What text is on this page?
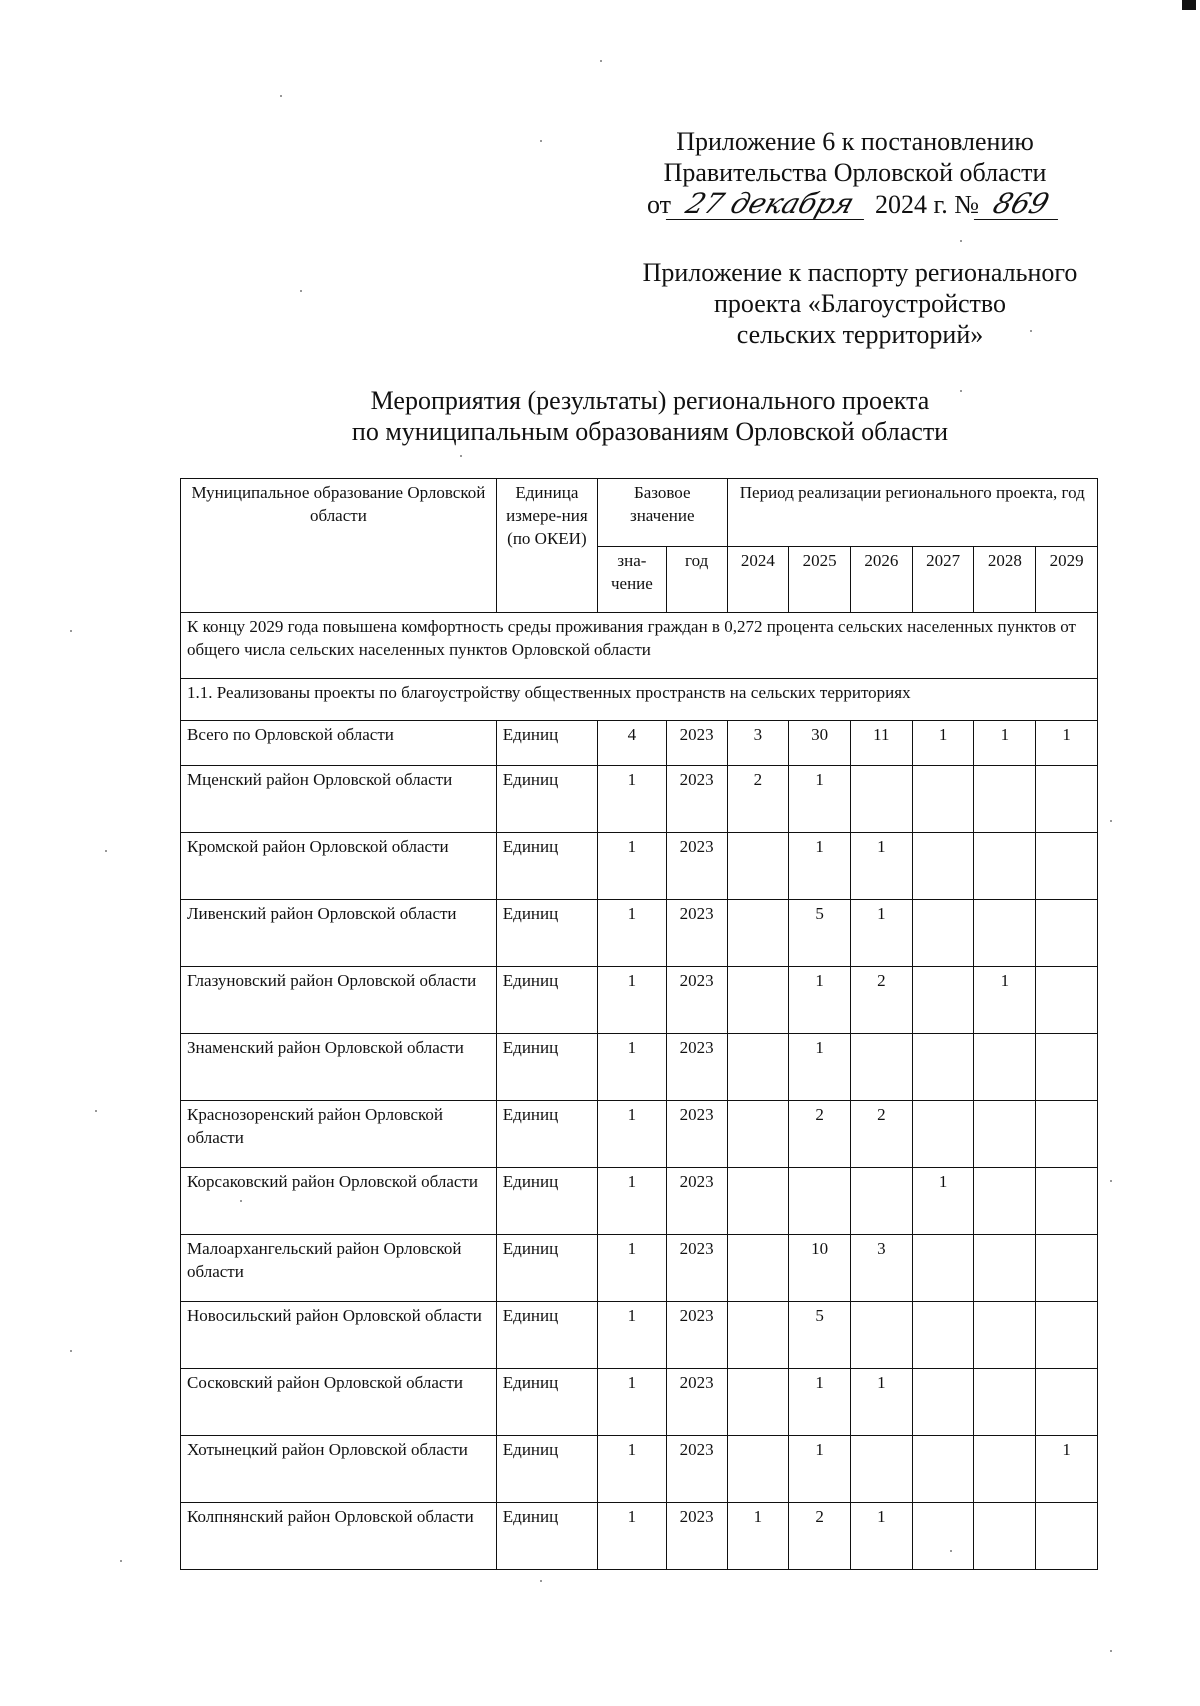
Приложение 6 к постановлению
Правительства Орловской области
от 27 декабря 2024 г. № 869
Приложение к паспорту регионального
проекта «Благоустройство
сельских территорий»
Мероприятия (результаты) регионального проекта
по муниципальным образованиям Орловской области
Муниципальное образование Орловской области	Единица измере-ния (по ОКЕИ)	Базовое значение		Период реализации регионального проекта, год					
		зна-чение	год	2024	2025	2026	2027	2028	2029
К концу 2029 года повышена комфортность среды проживания граждан в 0,272 процента сельских населенных пунктов от общего числа сельских населенных пунктов Орловской области									
1.1. Реализованы проекты по благоустройству общественных пространств на сельских территориях									
Всего по Орловской области	Единиц	4	2023	3	30	11	1	1	1
Мценский район Орловской области	Единиц	1	2023	2	1				
Кромской район Орловской области	Единиц	1	2023		1	1			
Ливенский район Орловской области	Единиц	1	2023		5	1			
Глазуновский район Орловской области	Единиц	1	2023		1	2		1	
Знаменский район Орловской области	Единиц	1	2023		1				
Краснозоренский район Орловской области	Единиц	1	2023		2	2			
Корсаковский район Орловской области	Единиц	1	2023				1		
Малоархангельский район Орловской области	Единиц	1	2023		10	3			
Новосильский район Орловской области	Единиц	1	2023		5				
Сосковский район Орловской области	Единиц	1	2023		1	1			
Хотынецкий район Орловской области	Единиц	1	2023		1				1
Колпнянский район Орловской области	Единиц	1	2023	1	2	1			
